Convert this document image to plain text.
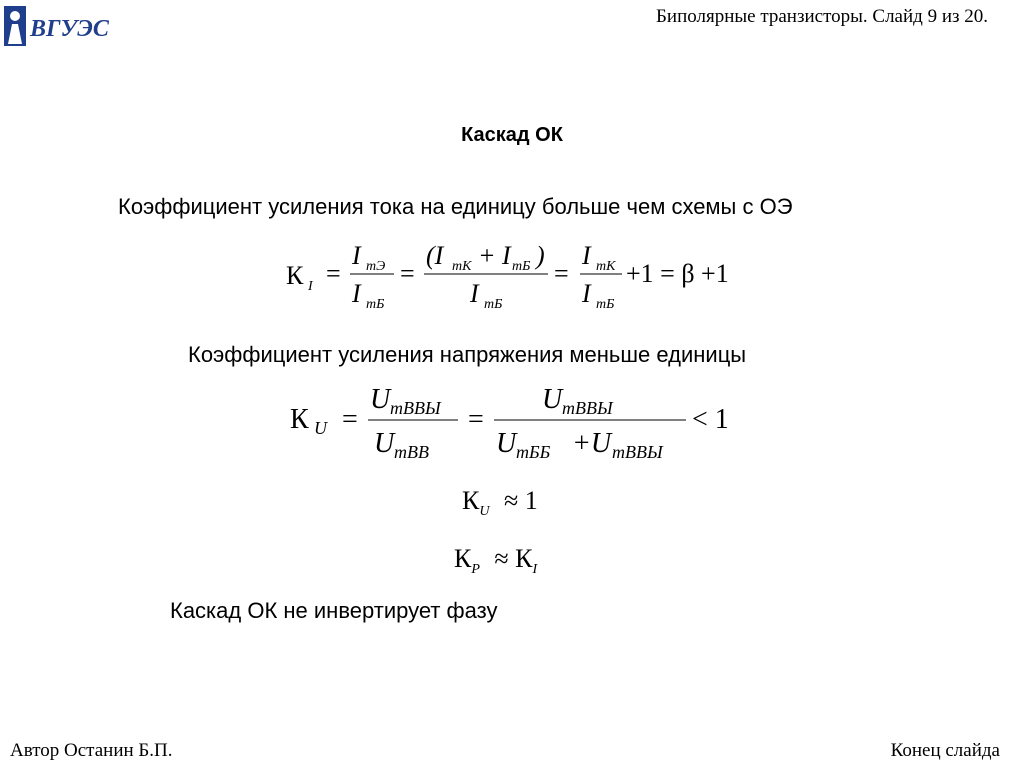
ВГУЭС	Биполярные транзисторы. Слайд 9 из 20.
Каскад ОК
Коэффициент усиления тока на единицу больше чем схемы с ОЭ
К I =
I mЭ
I mБ
=
(I mК + I mБ )
I mБ
=
I mК
I mБ
+1 = β +1
Коэффициент усиления напряжения меньше единицы
К U =
U mВВЫ
U mВВ
=
U mВВЫ
U mББ +U mВВЫ
< 1
$К_U \approx 1$
$К_P \approx К_I$
Каскад ОК не инвертирует фазу
Автор Останин Б.П.	Конец слайда
